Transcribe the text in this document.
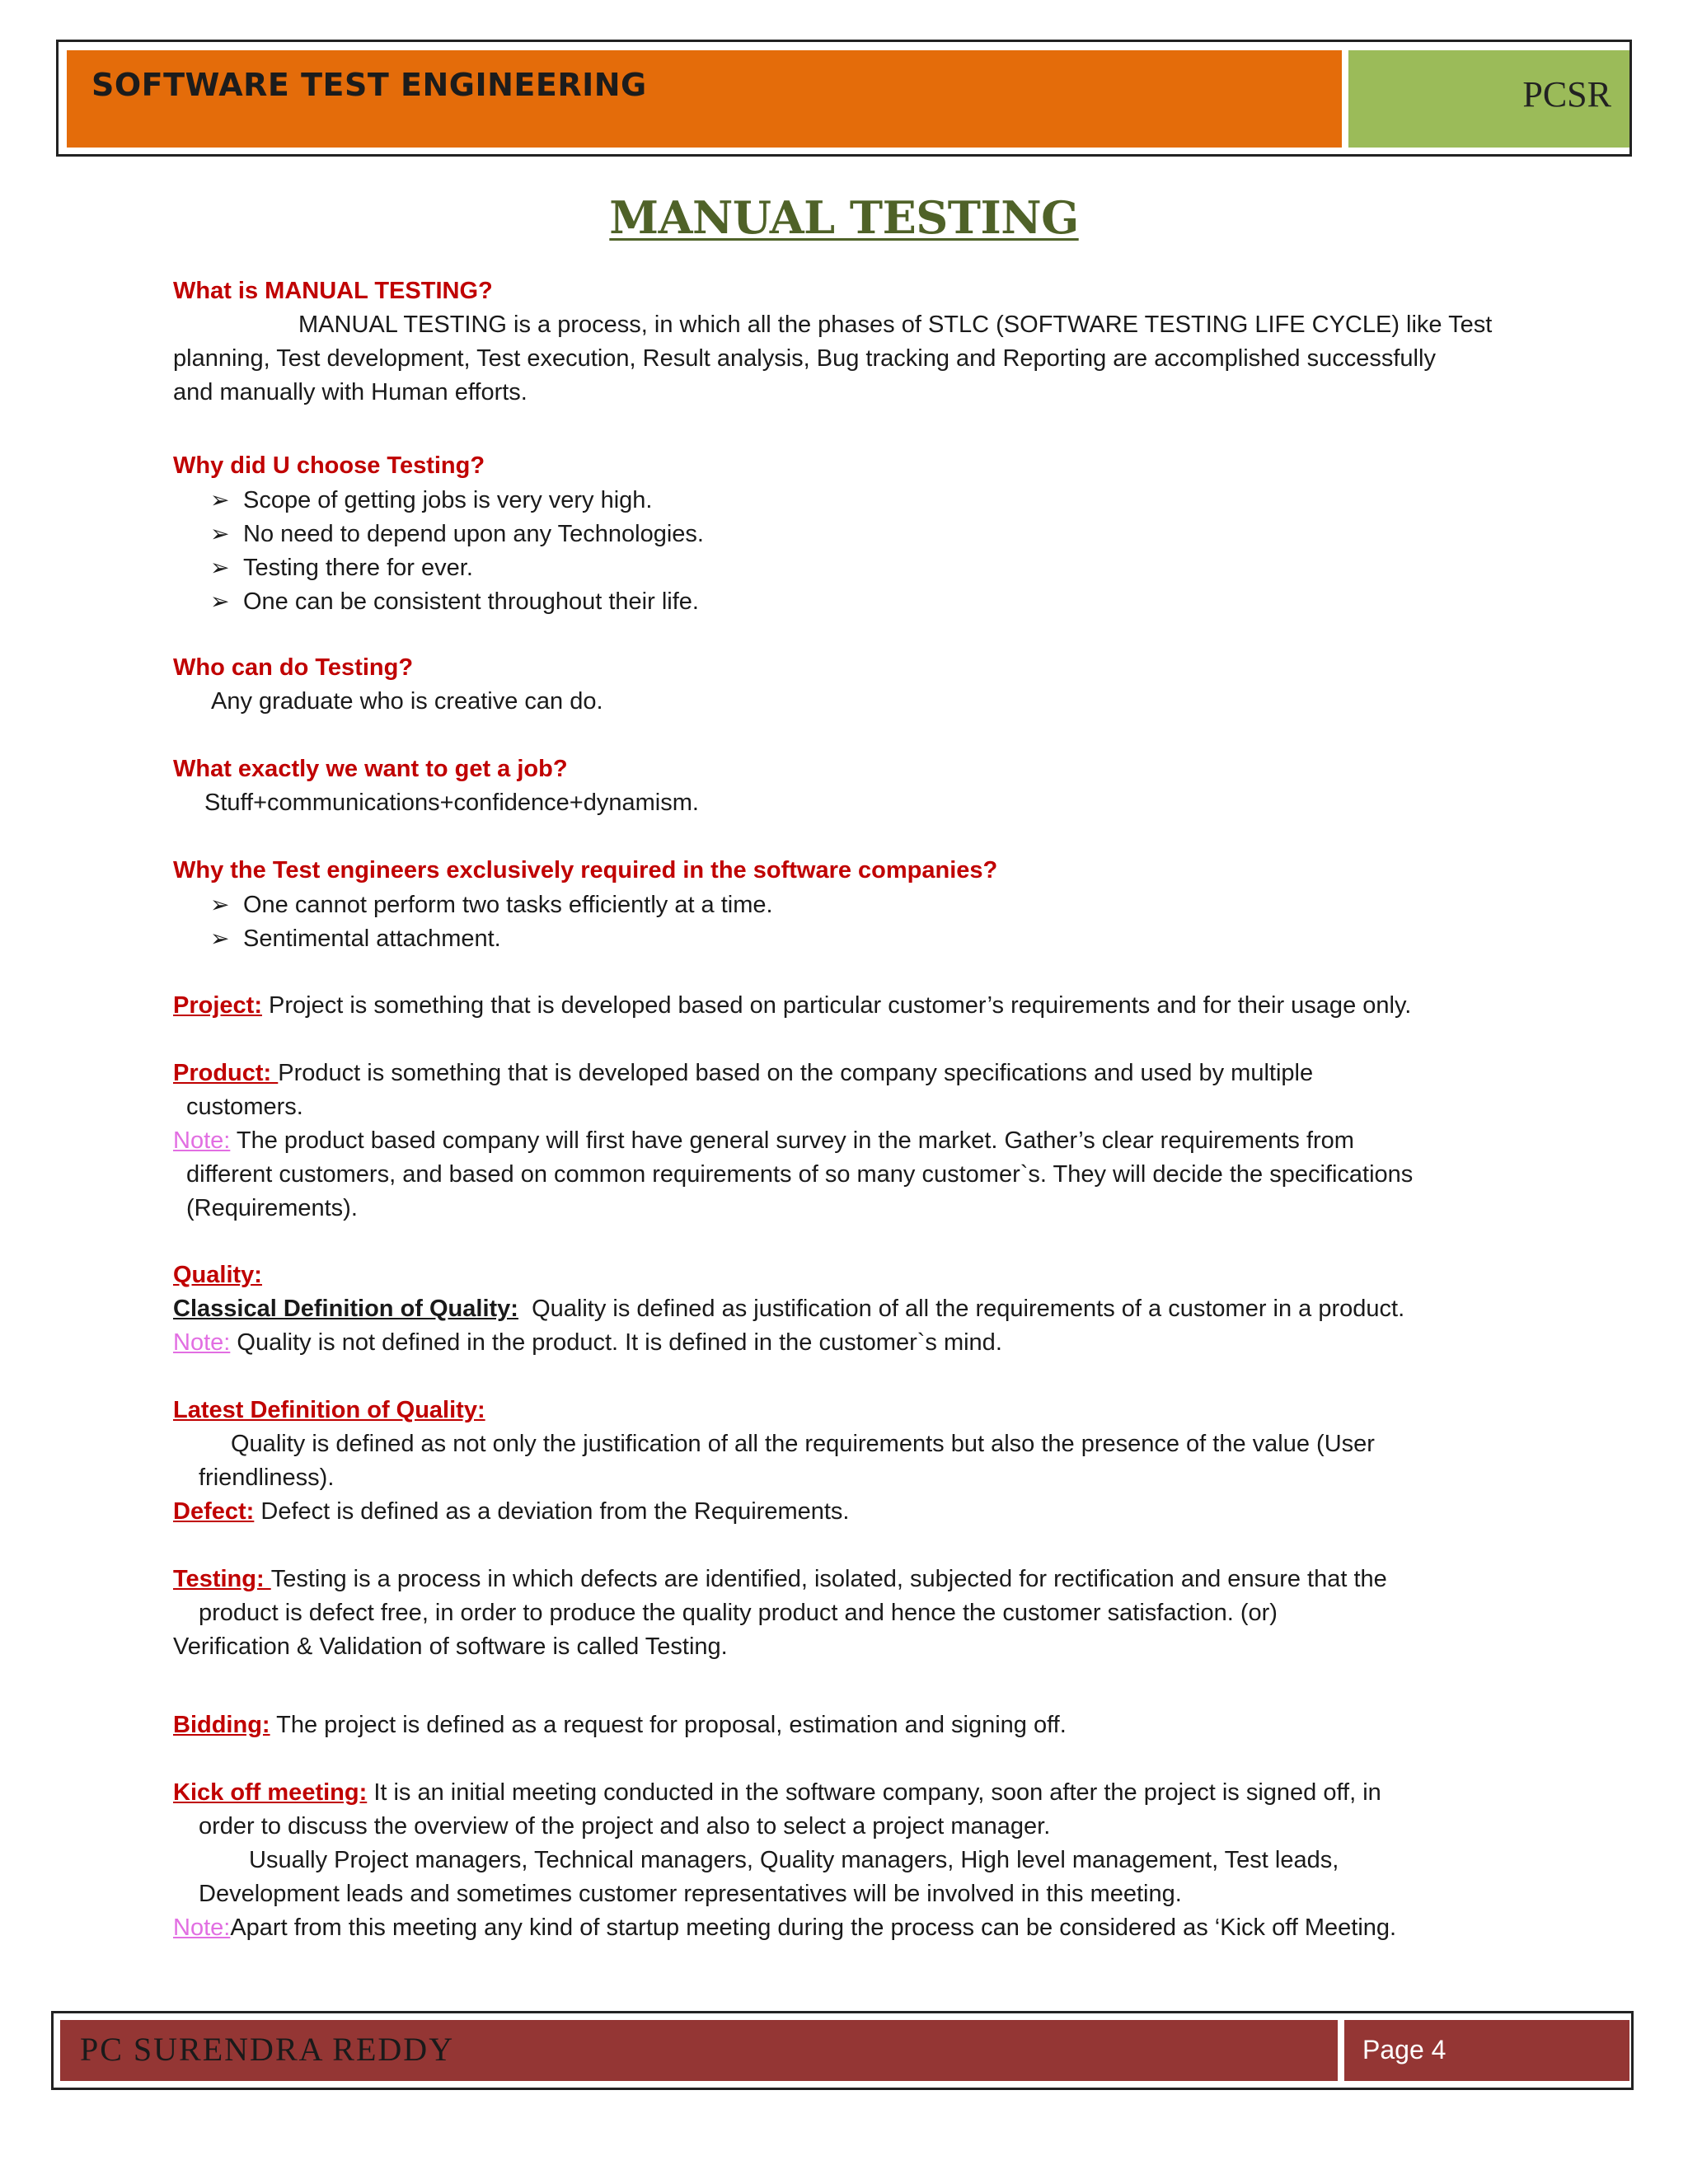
SOFTWARE TEST ENGINEERING	PCSR
MANUAL TESTING
What is MANUAL TESTING?
MANUAL TESTING is a process, in which all the phases of STLC (SOFTWARE TESTING LIFE CYCLE) like Test
planning, Test development, Test execution, Result analysis, Bug tracking and Reporting are accomplished successfully
and manually with Human efforts.
Why did U choose Testing?
➢ Scope of getting jobs is very very high.
➢ No need to depend upon any Technologies.
➢ Testing there for ever.
➢ One can be consistent throughout their life.
Who can do Testing?
Any graduate who is creative can do.
What exactly we want to get a job?
Stuff+communications+confidence+dynamism.
Why the Test engineers exclusively required in the software companies?
➢ One cannot perform two tasks efficiently at a time.
➢ Sentimental attachment.
Project: Project is something that is developed based on particular customer’s requirements and for their usage only.
Product: Product is something that is developed based on the company specifications and used by multiple
customers.
Note: The product based company will first have general survey in the market. Gather’s clear requirements from
different customers, and based on common requirements of so many customer`s. They will decide the specifications
(Requirements).
Quality:
Classical Definition of Quality: Quality is defined as justification of all the requirements of a customer in a product.
Note: Quality is not defined in the product. It is defined in the customer`s mind.
Latest Definition of Quality:
Quality is defined as not only the justification of all the requirements but also the presence of the value (User
friendliness).
Defect: Defect is defined as a deviation from the Requirements.
Testing: Testing is a process in which defects are identified, isolated, subjected for rectification and ensure that the
product is defect free, in order to produce the quality product and hence the customer satisfaction. (or)
Verification & Validation of software is called Testing.
Bidding: The project is defined as a request for proposal, estimation and signing off.
Kick off meeting: It is an initial meeting conducted in the software company, soon after the project is signed off, in
order to discuss the overview of the project and also to select a project manager.
Usually Project managers, Technical managers, Quality managers, High level management, Test leads,
Development leads and sometimes customer representatives will be involved in this meeting.
Note:Apart from this meeting any kind of startup meeting during the process can be considered as ‘Kick off Meeting.
PC SURENDRA REDDY	Page 4
